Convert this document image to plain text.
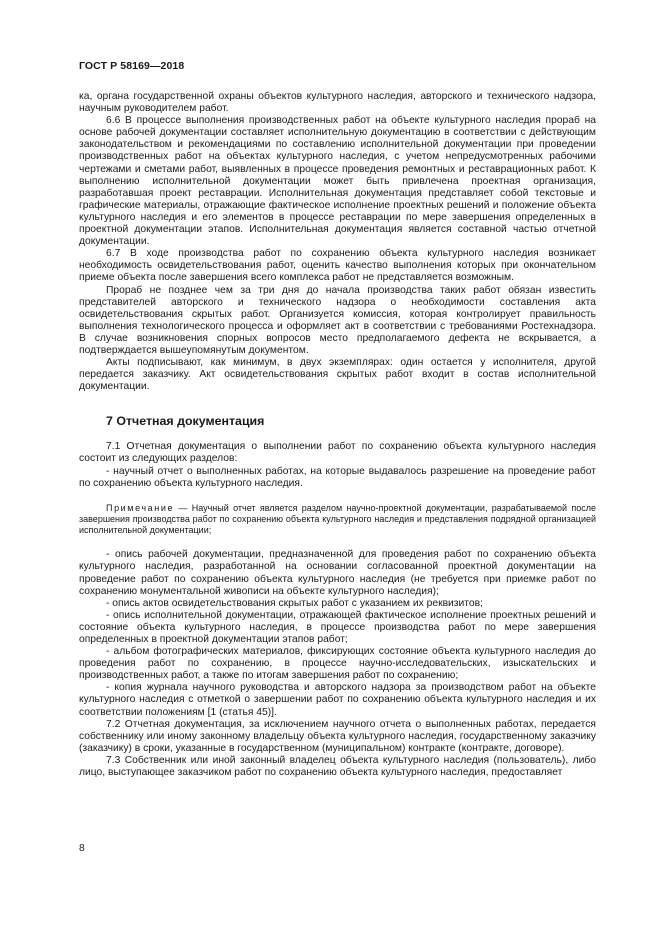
ГОСТ Р 58169—2018

ка, органа государственной охраны объектов культурного наследия, авторского и технического надзора, научным руководителем работ.

6.6 В процессе выполнения производственных работ на объекте культурного наследия прораб на основе рабочей документации составляет исполнительную документацию в соответствии с действующим законодательством и рекомендациями по составлению исполнительной документации при проведении производственных работ на объектах культурного наследия, с учетом непредусмотренных рабочими чертежами и сметами работ, выявленных в процессе проведения ремонтных и реставрационных работ. К выполнению исполнительной документации может быть привлечена проектная организация, разработавшая проект реставрации. Исполнительная документация представляет собой текстовые и графические материалы, отражающие фактическое исполнение проектных решений и положение объекта культурного наследия и его элементов в процессе реставрации по мере завершения определенных в проектной документации этапов. Исполнительная документация является составной частью отчетной документации.

6.7 В ходе производства работ по сохранению объекта культурного наследия возникает необходимость освидетельствования работ, оценить качество выполнения которых при окончательном приеме объекта после завершения всего комплекса работ не представляется возможным.

Прораб не позднее чем за три дня до начала производства таких работ обязан известить представителей авторского и технического надзора о необходимости составления акта освидетельствования скрытых работ. Организуется комиссия, которая контролирует правильность выполнения технологического процесса и оформляет акт в соответствии с требованиями Ростехнадзора. В случае возникновения спорных вопросов место предполагаемого дефекта не вскрывается, а подтверждается вышеупомянутым документом.

Акты подписывают, как минимум, в двух экземплярах: один остается у исполнителя, другой передается заказчику. Акт освидетельствования скрытых работ входит в состав исполнительной документации.

7 Отчетная документация

7.1 Отчетная документация о выполнении работ по сохранению объекта культурного наследия состоит из следующих разделов:

- научный отчет о выполненных работах, на которые выдавалось разрешение на проведение работ по сохранению объекта культурного наследия.

Примечание — Научный отчет является разделом научно-проектной документации, разрабатываемой после завершения производства работ по сохранению объекта культурного наследия и представления подрядной организацией исполнительной документации;

- опись рабочей документации, предназначенной для проведения работ по сохранению объекта культурного наследия, разработанной на основании согласованной проектной документации на проведение работ по сохранению объекта культурного наследия (не требуется при приемке работ по сохранению монументальной живописи на объекте культурного наследия);

- опись актов освидетельствования скрытых работ с указанием их реквизитов;

- опись исполнительной документации, отражающей фактическое исполнение проектных решений и состояние объекта культурного наследия, в процессе производства работ по мере завершения определенных в проектной документации этапов работ;

- альбом фотографических материалов, фиксирующих состояние объекта культурного наследия до проведения работ по сохранению, в процессе научно-исследовательских, изыскательских и производственных работ, а также по итогам завершения работ по сохранению;

- копия журнала научного руководства и авторского надзора за производством работ на объекте культурного наследия с отметкой о завершении работ по сохранению объекта культурного наследия и их соответствии положениям [1 (статья 45)].

7.2 Отчетная документация, за исключением научного отчета о выполненных работах, передается собственнику или иному законному владельцу объекта культурного наследия, государственному заказчику (заказчику) в сроки, указанные в государственном (муниципальном) контракте (контракте, договоре).

7.3 Собственник или иной законный владелец объекта культурного наследия (пользователь), либо лицо, выступающее заказчиком работ по сохранению объекта культурного наследия, предоставляет

8
